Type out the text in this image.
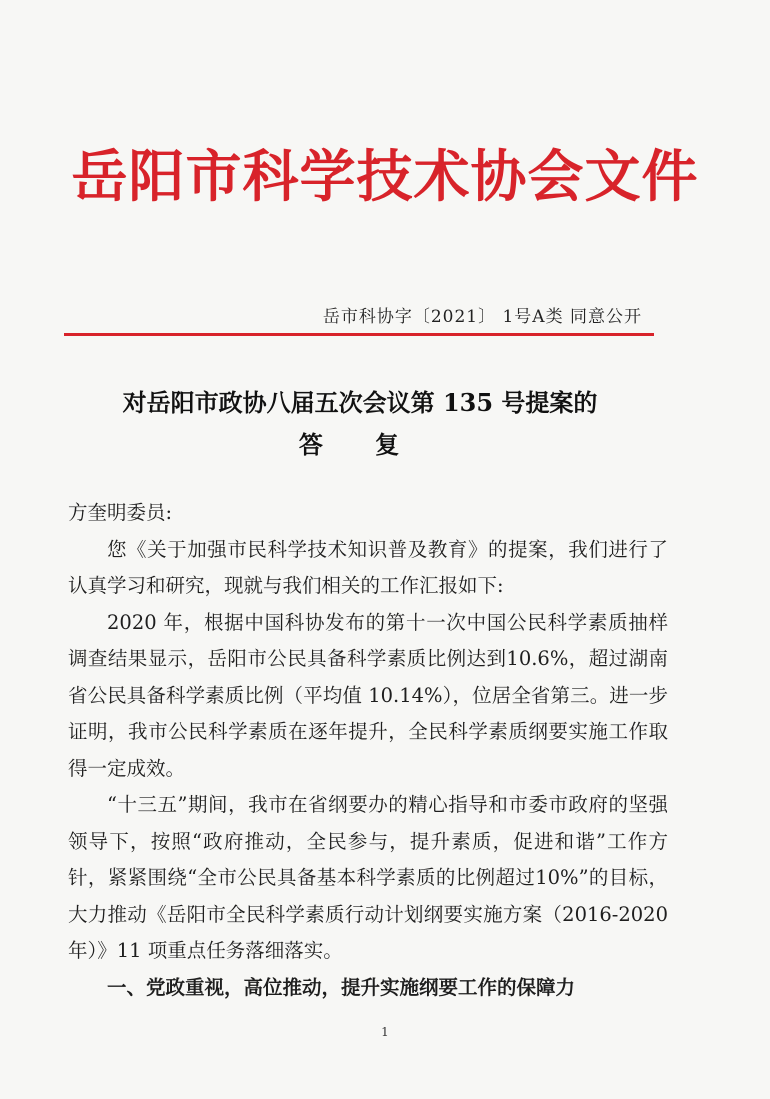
岳阳市科学技术协会文件
岳市科协字〔2021〕 1号A类 同意公开
对岳阳市政协八届五次会议第 135 号提案的
答 复

方奎明委员:

您《关于加强市民科学技术知识普及教育》的提案，我们进行了认真学习和研究，现就与我们相关的工作汇报如下:

2020 年，根据中国科协发布的第十一次中国公民科学素质抽样调查结果显示，岳阳市公民具备科学素质比例达到10.6%，超过湖南省公民具备科学素质比例（平均值 10.14%），位居全省第三。进一步证明，我市公民科学素质在逐年提升，全民科学素质纲要实施工作取得一定成效。

“十三五”期间，我市在省纲要办的精心指导和市委市政府的坚强领导下，按照“政府推动，全民参与，提升素质，促进和谐”工作方针，紧紧围绕“全市公民具备基本科学素质的比例超过10%”的目标，大力推动《岳阳市全民科学素质行动计划纲要实施方案（2016-2020 年）》11 项重点任务落细落实。

一、党政重视，高位推动，提升实施纲要工作的保障力

1
